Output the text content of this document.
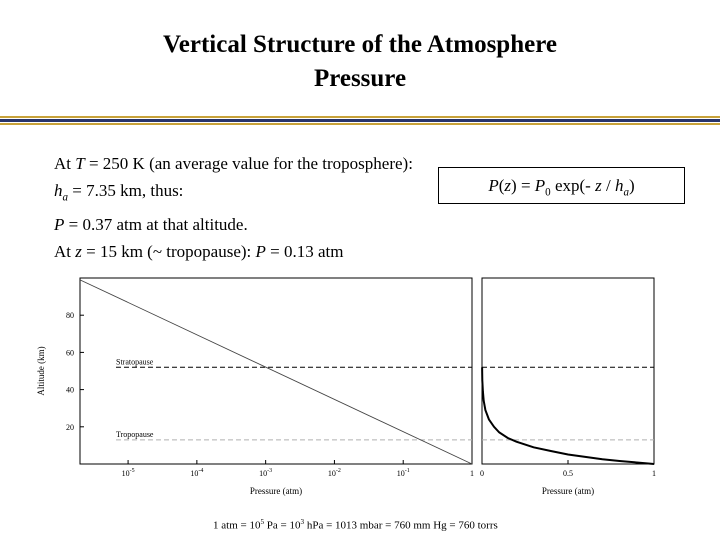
Vertical Structure of the Atmosphere
Pressure
At T = 250 K (an average value for the troposphere): $h_a = 7.35$ km, thus:
P = 0.37 atm at that altitude.
At z = 15 km (~ tropopause): P = 0.13 atm
$P(z) = P_0$ exp(- z / $h_a$)
$10^{-5}$	$10^{-4}$	$10^{-3}$	$10^{-2}$	$10^{-1}$	1
20
40
60
80
Stratopause
Tropopause
Pressure (atm)
Altitude (km)
0	0.5	1
Pressure (atm)
1 atm = $10^5$ $Pa = 10^3$ hPa = 1013 mbar = 760 mm Hg = 760 torrs
